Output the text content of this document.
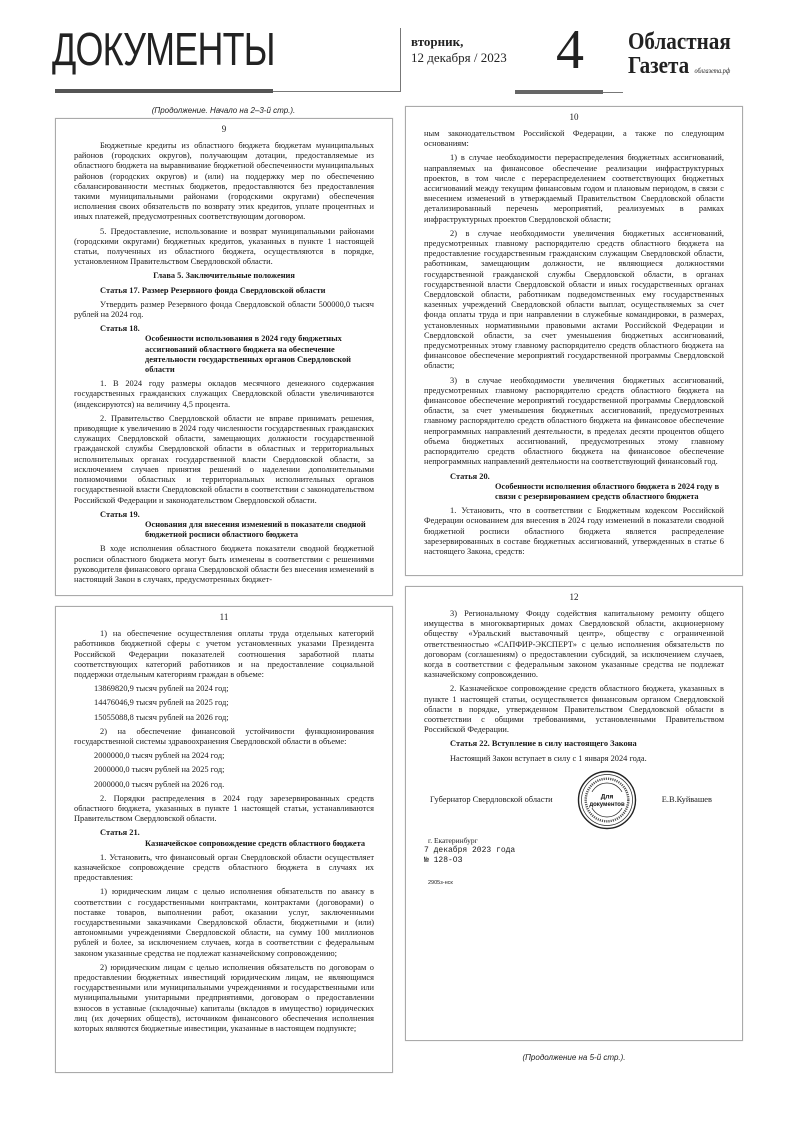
ДОКУМЕНТЫ	вторник,
12 декабря / 2023 4	Областная
Газета облгазета.рф
(Продолжение. Начало на 2–3-й стр.).
9

Бюджетные кредиты из областного бюджета бюджетам муниципальных районов (городских округов), получающим дотации, предоставляемые из областного бюджета на выравнивание бюджетной обеспеченности муниципальных районов (городских округов) и (или) на поддержку мер по обеспечению сбалансированности местных бюджетов, предоставляются без предоставления такими муниципальными районами (городскими округами) обеспечения исполнения своих обязательств по возврату этих кредитов, уплате процентных и иных платежей, предусмотренных соответствующим договором.

5. Предоставление, использование и возврат муниципальными районами (городскими округами) бюджетных кредитов, указанных в пункте 1 настоящей статьи, полученных из областного бюджета, осуществляются в порядке, установленном Правительством Свердловской области.

Глава 5. Заключительные положения
Статья 17. Размер Резервного фонда Свердловской области

Утвердить размер Резервного фонда Свердловской области 500000,0 тысяч рублей на 2024 год.

Статья 18.
Особенности использования в 2024 году бюджетных ассигнований областного бюджета на обеспечение деятельности государственных органов Свердловской области

1. В 2024 году размеры окладов месячного денежного содержания государственных гражданских служащих Свердловской области увеличиваются (индексируются) на величину 4,5 процента.

2. Правительство Свердловской области не вправе принимать решения, приводящие к увеличению в 2024 году численности государственных гражданских служащих Свердловской области, замещающих должности государственной гражданской службы Свердловской области в областных и территориальных исполнительных органах государственной власти Свердловской области, за исключением случаев принятия решений о наделении дополнительными полномочиями областных и территориальных исполнительных органов государственной власти Свердловской области в соответствии с законодательством Российской Федерации и законодательством Свердловской области.

Статья 19.
Основания для внесения изменений в показатели сводной бюджетной росписи областного бюджета

В ходе исполнения областного бюджета показатели сводной бюджетной росписи областного бюджета могут быть изменены в соответствии с решениями руководителя финансового органа Свердловской области без внесения изменений в настоящий Закон в случаях, предусмотренных бюджет-

11

1) на обеспечение осуществления оплаты труда отдельных категорий работников бюджетной сферы с учетом установленных указами Президента Российской Федерации показателей соотношения заработной платы соответствующих категорий работников и на предоставление социальной поддержки отдельным категориям граждан в объеме:

13869820,9 тысяч рублей на 2024 год;

14476046,9 тысяч рублей на 2025 год;

15055088,8 тысяч рублей на 2026 год;

2) на обеспечение финансовой устойчивости функционирования государственной системы здравоохранения Свердловской области в объеме:

2000000,0 тысяч рублей на 2024 год;

2000000,0 тысяч рублей на 2025 год;

2000000,0 тысяч рублей на 2026 год.

2. Порядки распределения в 2024 году зарезервированных средств областного бюджета, указанных в пункте 1 настоящей статьи, устанавливаются Правительством Свердловской области.

Статья 21.
Казначейское сопровождение средств областного бюджета

1. Установить, что финансовый орган Свердловской области осуществляет казначейское сопровождение средств областного бюджета в случаях их предоставления:

1) юридическим лицам с целью исполнения обязательств по авансу в соответствии с государственными контрактами, контрактами (договорами) о поставке товаров, выполнении работ, оказании услуг, заключенными государственными заказчиками Свердловской области, бюджетными и (или) автономными учреждениями Свердловской области, на сумму 100 миллионов рублей и более, за исключением случаев, когда в соответствии с федеральным законом указанные средства не подлежат казначейскому сопровождению;

2) юридическим лицам с целью исполнения обязательств по договорам о предоставлении бюджетных инвестиций юридическим лицам, не являющимся государственными или муниципальными учреждениями и государственными или муниципальными унитарными предприятиями, договорам о предоставлении взносов в уставные (складочные) капиталы (вкладов в имущество) юридических лиц (их дочерних обществ), источником финансового обеспечения исполнения которых являются бюджетные инвестиции, указанные в настоящем подпункте;

10

ным законодательством Российской Федерации, а также по следующим основаниям:

1) в случае необходимости перераспределения бюджетных ассигнований, направляемых на финансовое обеспечение реализации инфраструктурных проектов, в том числе с перераспределением соответствующих бюджетных ассигнований между текущим финансовым годом и плановым периодом, в связи с внесением изменений в утверждаемый Правительством Свердловской области детализированный перечень мероприятий, реализуемых в рамках инфраструктурных проектов Свердловской области;

2) в случае необходимости увеличения бюджетных ассигнований, предусмотренных главному распорядителю средств областного бюджета на предоставление государственным гражданским служащим Свердловской области, работникам, замещающим должности, не являющиеся должностями государственной гражданской службы Свердловской области, в органах государственной власти Свердловской области и иных государственных органах Свердловской области, работникам подведомственных ему государственных казенных учреждений Свердловской области выплат, осуществляемых за счет фонда оплаты труда и при направлении в служебные командировки, в размерах, установленных нормативными правовыми актами Российской Федерации и Свердловской области, за счет уменьшения бюджетных ассигнований, предусмотренных этому главному распорядителю средств областного бюджета на финансовое обеспечение мероприятий государственной программы Свердловской области;

3) в случае необходимости увеличения бюджетных ассигнований, предусмотренных главному распорядителю средств областного бюджета на финансовое обеспечение мероприятий государственной программы Свердловской области, за счет уменьшения бюджетных ассигнований, предусмотренных главному распорядителю средств областного бюджета на финансовое обеспечение непрограммных направлений деятельности, в пределах десяти процентов общего объема бюджетных ассигнований, предусмотренных этому главному распорядителю средств областного бюджета на финансовое обеспечение непрограммных направлений деятельности на соответствующий финансовый год.

Статья 20.
Особенности исполнения областного бюджета в 2024 году в связи с резервированием средств областного бюджета

1. Установить, что в соответствии с Бюджетным кодексом Российской Федерации основанием для внесения в 2024 году изменений в показатели сводной бюджетной росписи областного бюджета является распределение зарезервированных в составе бюджетных ассигнований, утвержденных в статье 6 настоящего Закона, средств:

12

3) Региональному Фонду содействия капитальному ремонту общего имущества в многоквартирных домах Свердловской области, акционерному обществу «Уральский выставочный центр», обществу с ограниченной ответственностью «САПФИР-ЭКСПЕРТ» с целью исполнения обязательств по договорам (соглашениям) о предоставлении субсидий, за исключением случаев, когда в соответствии с федеральным законом указанные средства не подлежат казначейскому сопровождению.

2. Казначейское сопровождение средств областного бюджета, указанных в пункте 1 настоящей статьи, осуществляется финансовым органом Свердловской области в порядке, утвержденном Правительством Свердловской области в соответствии с общими требованиями, установленными Правительством Российской Федерации.

Статья 22. Вступление в силу настоящего Закона

Настоящий Закон вступает в силу с 1 января 2024 года.

Губернатор Свердловской области	Для
документов
Е.В.Куйвашев
г. Екатеринбург
7 декабря 2023 года
№ 128-ОЗ
2905з-нск
(Продолжение на 5-й стр.).
